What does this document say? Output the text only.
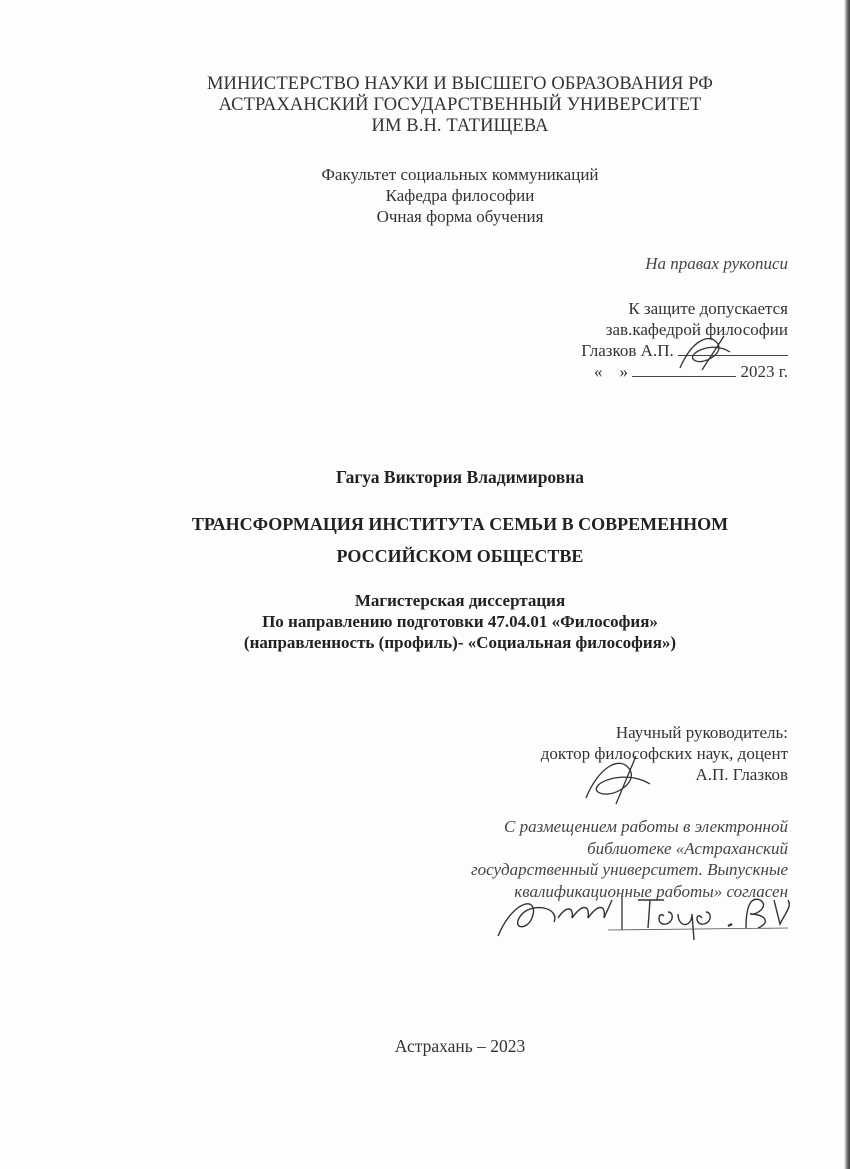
МИНИСТЕРСТВО НАУКИ И ВЫСШЕГО ОБРАЗОВАНИЯ РФ
АСТРАХАНСКИЙ ГОСУДАРСТВЕННЫЙ УНИВЕРСИТЕТ
ИМ В.Н. ТАТИЩЕВА
Факультет социальных коммуникаций
Кафедра философии
Очная форма обучения
На правах рукописи
К защите допускается
зав.кафедрой философии
Глазков А.П.
« »	2023 г.
Гагуа Виктория Владимировна
ТРАНСФОРМАЦИЯ ИНСТИТУТА СЕМЬИ В СОВРЕМЕННОМ
РОССИЙСКОМ ОБЩЕСТВЕ
Магистерская диссертация
По направлению подготовки 47.04.01 «Философия»
(направленность (профиль)- «Социальная философия»)
Научный руководитель:
доктор философских наук, доцент
А.П. Глазков
С размещением работы в электронной
библиотеке «Астраханский
государственный университет. Выпускные
квалификационные работы» согласен
Астрахань – 2023
